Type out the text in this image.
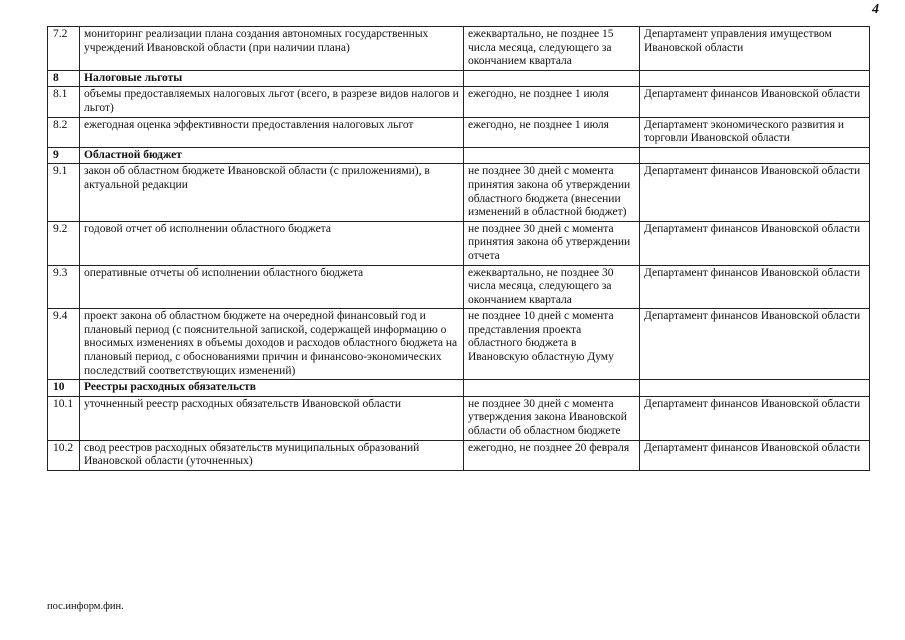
4
7.2	мониторинг реализации плана создания автономных государственных учреждений Ивановской области (при наличии плана)	ежеквартально, не позднее 15 числа месяца, следующего за окончанием квартала	Департамент управления имуществом Ивановской области
8	Налоговые льготы		
8.1	объемы предоставляемых налоговых льгот (всего, в разрезе видов налогов и льгот)	ежегодно, не позднее 1 июля	Департамент финансов Ивановской области
8.2	ежегодная оценка эффективности предоставления налоговых льгот	ежегодно, не позднее 1 июля	Департамент экономического развития и торговли Ивановской области
9	Областной бюджет		
9.1	закон об областном бюджете Ивановской области (с приложениями), в актуальной редакции	не позднее 30 дней с момента принятия закона об утверждении областного бюджета (внесении изменений в областной бюджет)	Департамент финансов Ивановской области
9.2	годовой отчет об исполнении областного бюджета	не позднее 30 дней с момента принятия закона об утверждении отчета	Департамент финансов Ивановской области
9.3	оперативные отчеты об исполнении областного бюджета	ежеквартально, не позднее 30 числа месяца, следующего за окончанием квартала	Департамент финансов Ивановской области
9.4	проект закона об областном бюджете на очередной финансовый год и плановый период (с пояснительной запиской, содержащей информацию о вносимых изменениях в объемы доходов и расходов областного бюджета на плановый период, с обоснованиями причин и финансово-экономических последствий соответствующих изменений)	не позднее 10 дней с момента представления проекта областного бюджета в Ивановскую областную Думу	Департамент финансов Ивановской области
10	Реестры расходных обязательств		
10.1	уточненный реестр расходных обязательств Ивановской области	не позднее 30 дней с момента утверждения закона Ивановской области об областном бюджете	Департамент финансов Ивановской области
10.2	свод реестров расходных обязательств муниципальных образований Ивановской области (уточненных)	ежегодно, не позднее 20 февраля	Департамент финансов Ивановской области
пос.информ.фин.
